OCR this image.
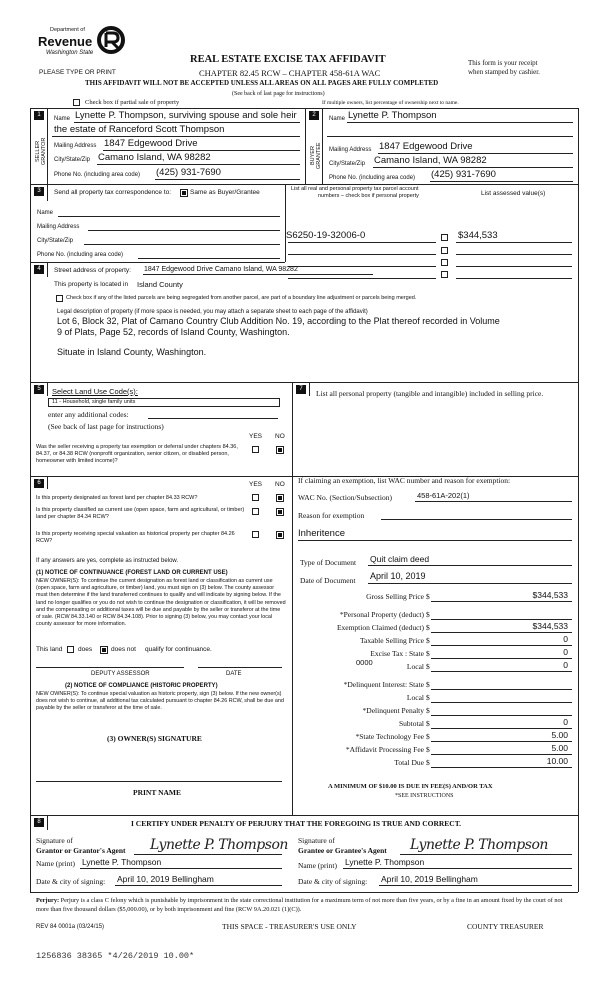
Department of
Revenue
Washington State
REAL ESTATE EXCISE TAX AFFIDAVIT
PLEASE TYPE OR PRINT	CHAPTER 82.45 RCW – CHAPTER 458-61A WAC
THIS AFFIDAVIT WILL NOT BE ACCEPTED UNLESS ALL AREAS ON ALL PAGES ARE FULLY COMPLETED
(See back of last page for instructions)
This form is your receipt
when stamped by cashier.
Check box if partial sale of property	If multiple owners, list percentage of ownership next to name.
1
SELLER GRANTOR
Name Lynette P. Thompson, surviving spouse and sole heir
the estate of Ranceford Scott Thompson
Mailing Address 1847 Edgewood Drive
City/State/Zip Camano Island, WA 98282
Phone No. (including area code) (425) 931-7690
2
BUYER GRANTEE
Name Lynette P. Thompson
Mailing Address 1847 Edgewood Drive
City/State/Zip Camano Island, WA 98282
Phone No. (including area code) (425) 931-7690
3	Send all property tax correspondence to:	Same as Buyer/Grantee
Name
Mailing Address
City/State/Zip
Phone No. (including area code)
List all real and personal property tax parcel account
numbers – check box if personal property	List assessed value(s)
S6250-19-32006-0	$344,533
4	Street address of property: 1847 Edgewood Drive Camano Island, WA 98282
This property is located in Island County
Check box if any of the listed parcels are being segregated from another parcel, are part of a boundary line adjustment or parcels being merged.
Legal description of property (if more space is needed, you may attach a separate sheet to each page of the affidavit)
Lot 6, Block 32, Plat of Camano Country Club Addition No. 19, according to the Plat thereof recorded in Volume
9 of Plats, Page 52, records of Island County, Washington.
Situate in Island County, Washington.
5	Select Land Use Code(s):
11 - Household, single family units
enter any additional codes:
(See back of last page for instructions)
YES NO
Was the seller receiving a property tax exemption or deferral under chapters 84.36, 84.37, or 84.38 RCW (nonprofit organization, senior citizen, or disabled person, homeowner with limited income)?
6	YES NO
Is this property designated as forest land per chapter 84.33 RCW?
Is this property classified as current use (open space, farm and agricultural, or timber) land per chapter 84.34 RCW?
Is this property receiving special valuation as historical property per chapter 84.26 RCW?
If any answers are yes, complete as instructed below.
(1) NOTICE OF CONTINUANCE (FOREST LAND OR CURRENT USE)
NEW OWNER(S): To continue the current designation as forest land or classification as current use (open space, farm and agriculture, or timber) land, you must sign on (3) below. The county assessor must then determine if the land transferred continues to qualify and will indicate by signing below. If the land no longer qualifies or you do not wish to continue the designation or classification, it will be removed and the compensating or additional taxes will be due and payable by the seller or transferor at the time of sale. (RCW 84.33.140 or RCW 84.34.108). Prior to signing (3) below, you may contact your local county assessor for more information.
This land does	does not qualify for continuance.
DEPUTY ASSESSOR	DATE
(2) NOTICE OF COMPLIANCE (HISTORIC PROPERTY)
NEW OWNER(S): To continue special valuation as historic property, sign (3) below. If the new owner(s) does not wish to continue, all additional tax calculated pursuant to chapter 84.26 RCW, shall be due and payable by the seller or transferor at the time of sale.
(3) OWNER(S) SIGNATURE
PRINT NAME
7	List all personal property (tangible and intangible) included in selling price.
If claiming an exemption, list WAC number and reason for exemption:
WAC No. (Section/Subsection)	458-61A-202(1)
Reason for exemption
Inheritence
Type of Document Quit claim deed
Date of Document April 10, 2019
0000
Gross Selling Price $	$344,533
*Personal Property (deduct) $
Exemption Claimed (deduct) $	$344,533
Taxable Selling Price $	0
Excise Tax : State $	0
Local $	0
*Delinquent Interest: State $
Local $
*Delinquent Penalty $
Subtotal $	0
*State Technology Fee $	5.00
*Affidavit Processing Fee $	5.00
Total Due $	10.00
A MINIMUM OF $10.00 IS DUE IN FEE(S) AND/OR TAX
*SEE INSTRUCTIONS
8	I CERTIFY UNDER PENALTY OF PERJURY THAT THE FOREGOING IS TRUE AND CORRECT.
Signature of
Grantor or Grantor's Agent Lynette P. Thompson
Name (print) Lynette P. Thompson
Date & city of signing: April 10, 2019 Bellingham
Signature of
Grantee or Grantee's Agent Lynette P. Thompson
Name (print) Lynette P. Thompson
Date & city of signing: April 10, 2019 Bellingham
Perjury: Perjury is a class C felony which is punishable by imprisonment in the state correctional institution for a maximum term of not more than five years, or by a fine in an amount fixed by the court of not more than five thousand dollars ($5,000.00), or by both imprisonment and fine (RCW 9A.20.021 (1)(C)).
REV 84 0001a (03/24/15)	THIS SPACE - TREASURER'S USE ONLY	COUNTY TREASURER
1256836 38365 *4/26/2019 10.00*
